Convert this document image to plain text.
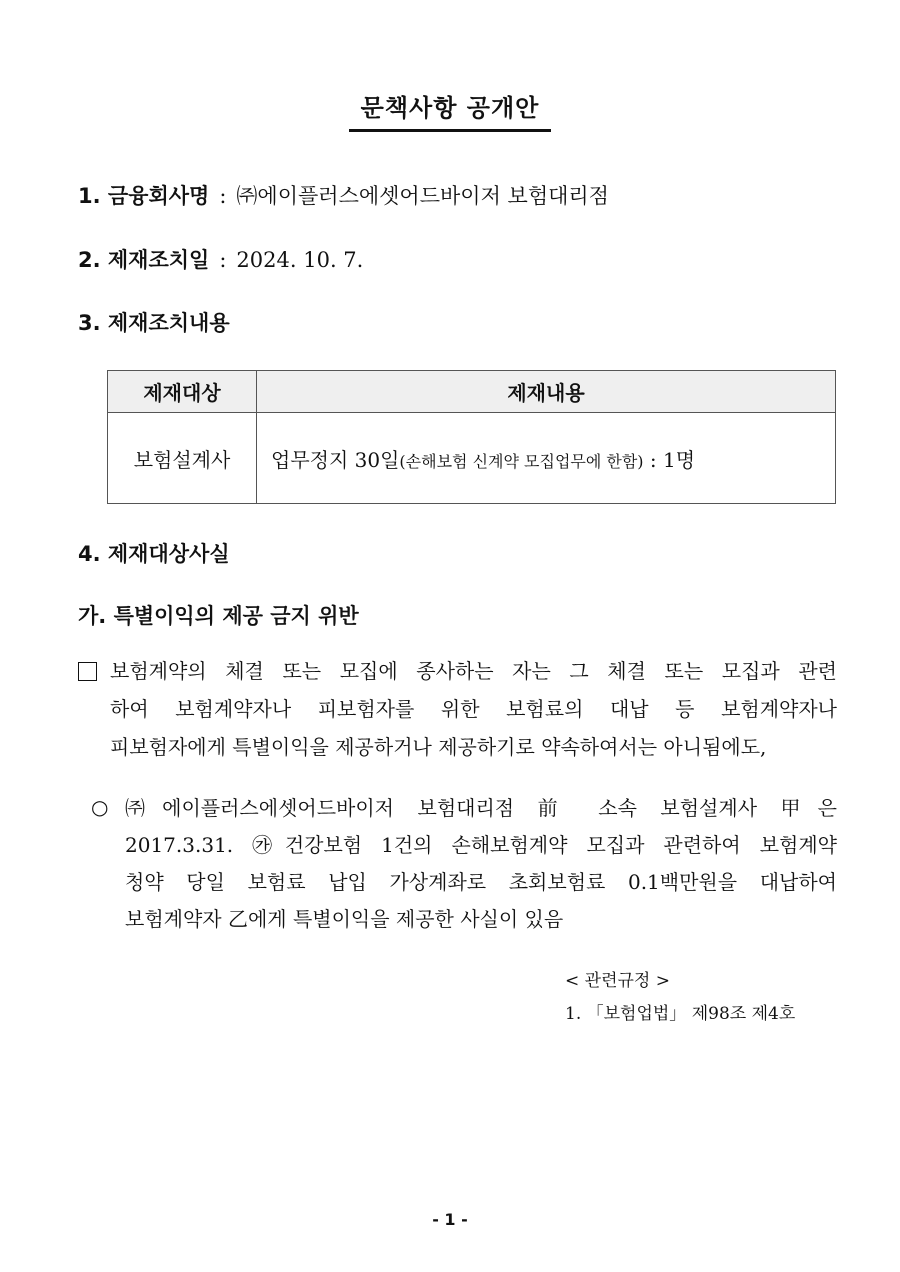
문책사항 공개안
1. 금융회사명 : ㈜에이플러스에셋어드바이저 보험대리점
2. 제재조치일 : 2024. 10. 7.
3. 제재조치내용
제재대상	제재내용
보험설계사	업무정지 30일(손해보험 신계약 모집업무에 한함) : 1명
4. 제재대상사실
가. 특별이익의 제공 금지 위반
보험계약의 체결 또는 모집에 종사하는 자는 그 체결 또는 모집과 관련
하여 보험계약자나 피보험자를 위한 보험료의 대납 등 보험계약자나
피보험자에게 특별이익을 제공하거나 제공하기로 약속하여서는 아니됨에도,
○ ㈜에이플러스에셋어드바이저 보험대리점 前 소속 보험설계사 甲은
2017.3.31. ㉮건강보험 1건의 손해보험계약 모집과 관련하여 보험계약
청약 당일 보험료 납입 가상계좌로 초회보험료 0.1백만원을 대납하여
보험계약자 乙에게 특별이익을 제공한 사실이 있음
< 관련규정 >
1. 「보험업법」 제98조 제4호
- 1 -
